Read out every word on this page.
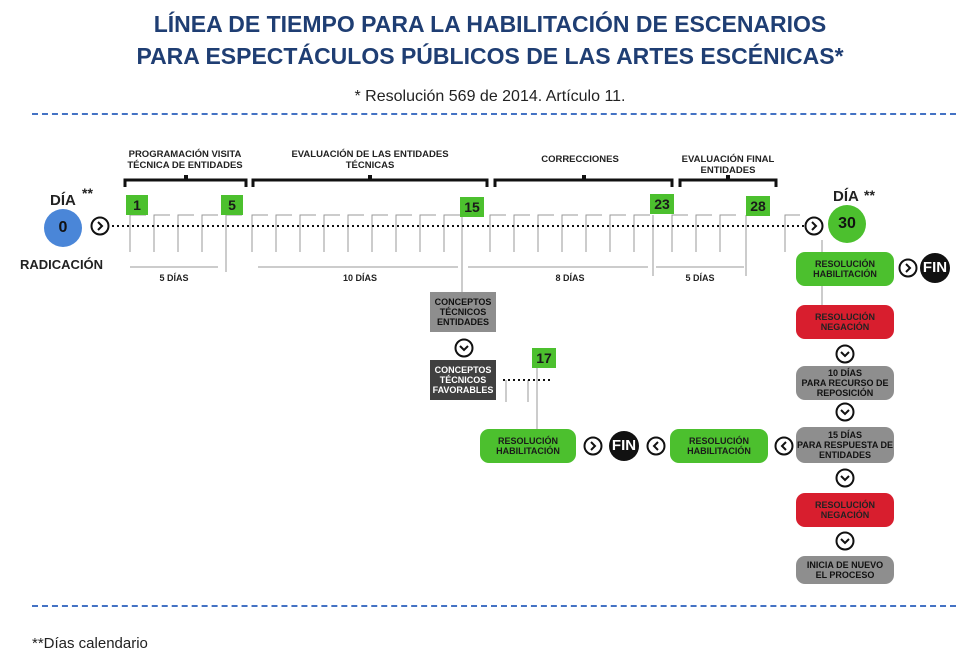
LÍNEA DE TIEMPO PARA LA HABILITACIÓN DE ESCENARIOS
PARA ESPECTÁCULOS PÚBLICOS DE LAS ARTES ESCÉNICAS*
* Resolución 569 de 2014. Artículo 11.
DÍA **
0
RADICACIÓN
PROGRAMACIÓN VISITA
TÉCNICA DE ENTIDADES
EVALUACIÓN DE LAS ENTIDADES
TÉCNICAS
CORRECCIONES	EVALUACIÓN FINAL
ENTIDADES
1	5	15	23	28
17
5 DÍAS	10 DÍAS	8 DÍAS	5 DÍAS
DÍA **
30
CONCEPTOS
TÉCNICOS
ENTIDADES
CONCEPTOS
TÉCNICOS
FAVORABLES
RESOLUCIÓN
HABILITACIÓN	FIN	RESOLUCIÓN
HABILITACIÓN
RESOLUCIÓN
HABILITACIÓN	FIN
RESOLUCIÓN
NEGACIÓN
10 DÍAS
PARA RECURSO DE
REPOSICIÓN
15 DÍAS
PARA RESPUESTA DE
ENTIDADES
RESOLUCIÓN
NEGACIÓN
INICIA DE NUEVO
EL PROCESO
**Días calendario
